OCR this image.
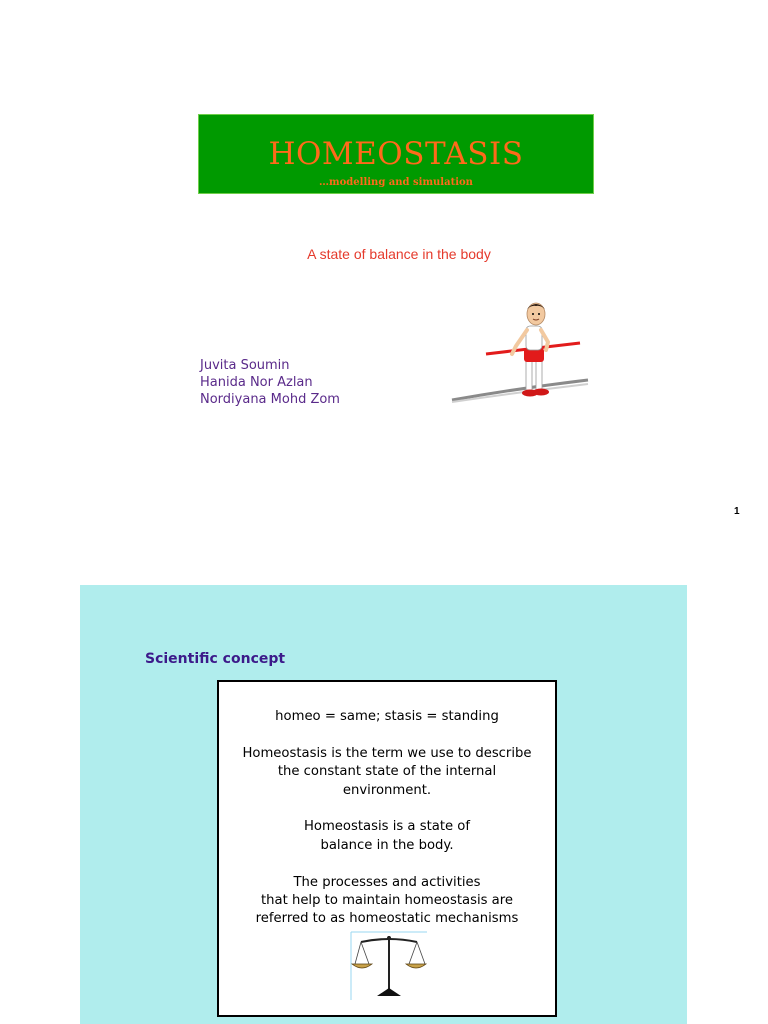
HOMEOSTASIS
…modelling and simulation
A state of balance in the body
Juvita Soumin
Hanida Nor Azlan
Nordiyana Mohd Zom
1
Scientific concept

homeo = same; stasis = standing

Homeostasis is the term we use to describe
the constant state of the internal
environment.

Homeostasis is a state of
balance in the body.

The processes and activities
that help to maintain homeostasis are
referred to as homeostatic mechanisms
